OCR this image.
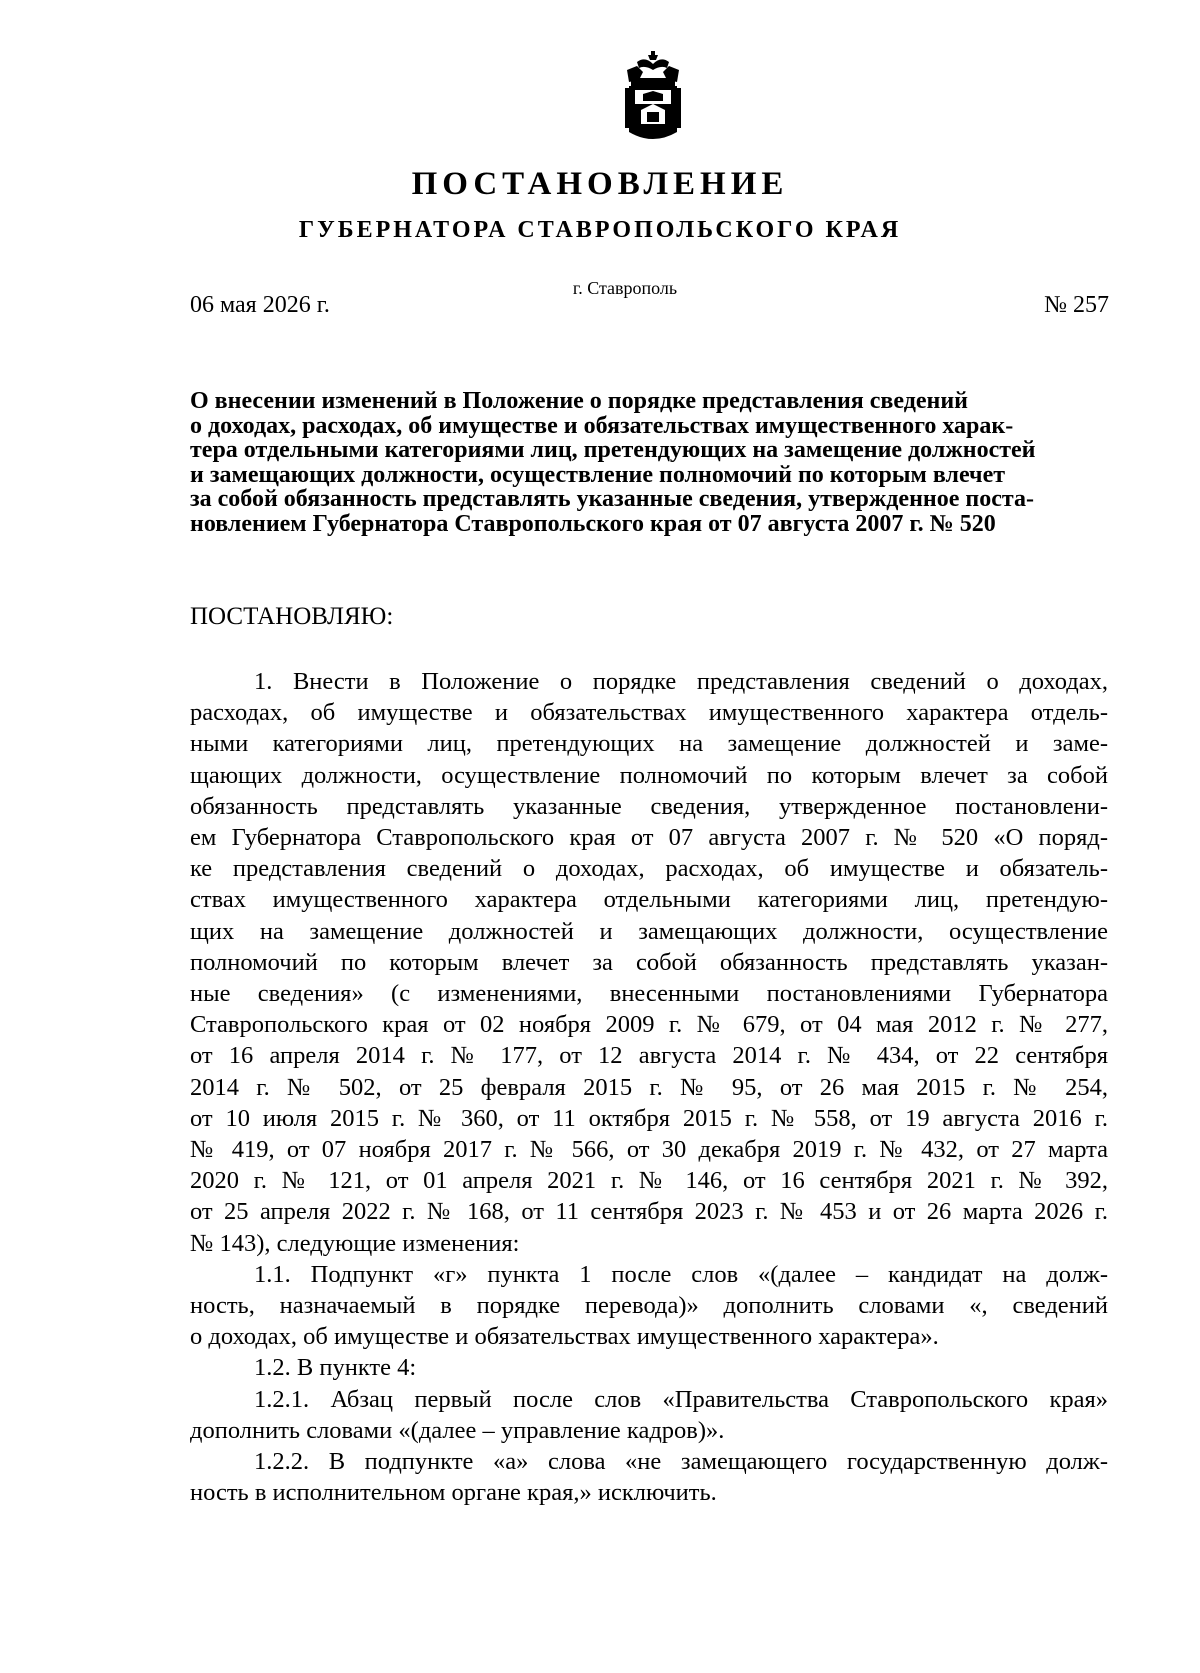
ПОСТАНОВЛЕНИЕ
ГУБЕРНАТОРА СТАВРОПОЛЬСКОГО КРАЯ
06 мая 2026 г.
г. Ставрополь
№ 257
О внесении изменений в Положение о порядке представления сведений
о доходах, расходах, об имуществе и обязательствах имущественного харак-
тера отдельными категориями лиц, претендующих на замещение должностей
и замещающих должности, осуществление полномочий по которым влечет
за собой обязанность представлять указанные сведения, утвержденное поста-
новлением Губернатора Ставропольского края от 07 августа 2007 г. № 520
ПОСТАНОВЛЯЮ:
1. Внести в Положение о порядке представления сведений о доходах,
расходах, об имуществе и обязательствах имущественного характера отдель-
ными категориями лиц, претендующих на замещение должностей и заме-
щающих должности, осуществление полномочий по которым влечет за собой
обязанность представлять указанные сведения, утвержденное постановлени-
ем Губернатора Ставропольского края от 07 августа 2007 г. № 520 «О поряд-
ке представления сведений о доходах, расходах, об имуществе и обязатель-
ствах имущественного характера отдельными категориями лиц, претендую-
щих на замещение должностей и замещающих должности, осуществление
полномочий по которым влечет за собой обязанность представлять указан-
ные сведения» (с изменениями, внесенными постановлениями Губернатора
Ставропольского края от 02 ноября 2009 г. № 679, от 04 мая 2012 г. № 277,
от 16 апреля 2014 г. № 177, от 12 августа 2014 г. № 434, от 22 сентября
2014 г. № 502, от 25 февраля 2015 г. № 95, от 26 мая 2015 г. № 254,
от 10 июля 2015 г. № 360, от 11 октября 2015 г. № 558, от 19 августа 2016 г.
№ 419, от 07 ноября 2017 г. № 566, от 30 декабря 2019 г. № 432, от 27 марта
2020 г. № 121, от 01 апреля 2021 г. № 146, от 16 сентября 2021 г. № 392,
от 25 апреля 2022 г. № 168, от 11 сентября 2023 г. № 453 и от 26 марта 2026 г.
№ 143), следующие изменения:
1.1. Подпункт «г» пункта 1 после слов «(далее – кандидат на долж-
ность, назначаемый в порядке перевода)» дополнить словами «, сведений
о доходах, об имуществе и обязательствах имущественного характера».
1.2. В пункте 4:
1.2.1. Абзац первый после слов «Правительства Ставропольского края»
дополнить словами «(далее – управление кадров)».
1.2.2. В подпункте «а» слова «не замещающего государственную долж-
ность в исполнительном органе края,» исключить.
